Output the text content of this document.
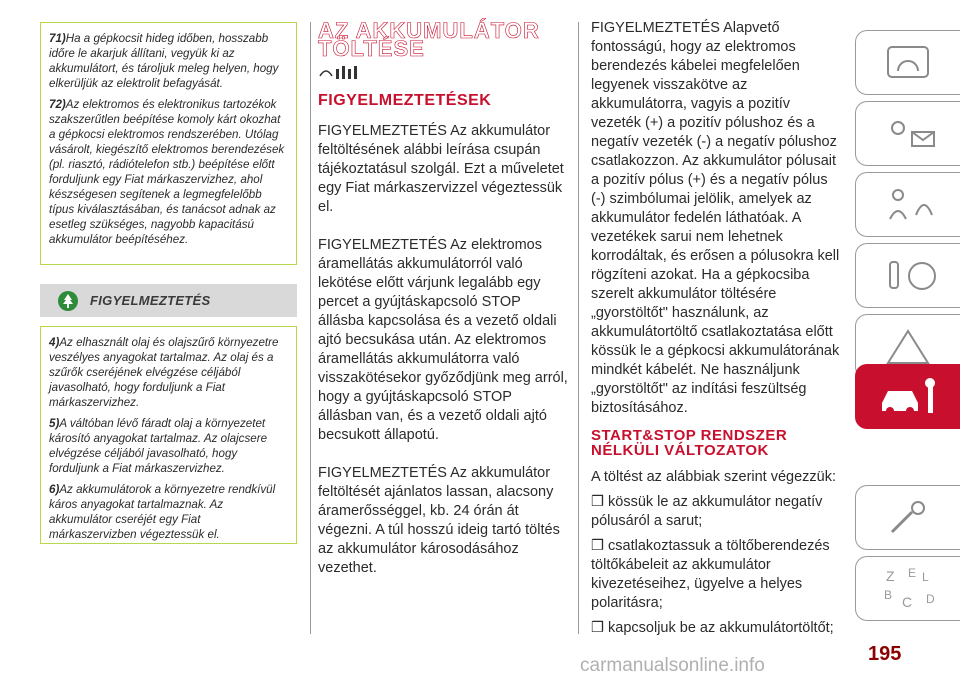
71)Ha a gépkocsit hideg időben, hosszabb időre le akarjuk állítani, vegyük ki az akkumulátort, és tároljuk meleg helyen, hogy elkerüljük az elektrolit befagyását.

72)Az elektromos és elektronikus tartozékok szakszerűtlen beépítése komoly kárt okozhat a gépkocsi elektromos rendszerében. Utólag vásárolt, kiegészítő elektromos berendezések (pl. riasztó, rádiótelefon stb.) beépítése előtt forduljunk egy Fiat márkaszervizhez, ahol készségesen segítenek a legmegfelelőbb típus kiválasztásában, és tanácsot adnak az esetleg szükséges, nagyobb kapacitású akkumulátor beépítéséhez.

FIGYELMEZTETÉS

4)Az elhasznált olaj és olajszűrő környezetre veszélyes anyagokat tartalmaz. Az olaj és a szűrők cseréjének elvégzése céljából javasolható, hogy forduljunk a Fiat márkaszervizhez.

5)A váltóban lévő fáradt olaj a környezetet károsító anyagokat tartalmaz. Az olajcsere elvégzése céljából javasolható, hogy forduljunk a Fiat márkaszervizhez.

6)Az akkumulátorok a környezetre rendkívül káros anyagokat tartalmaznak. Az akkumulátor cseréjét egy Fiat márkaszervizben végeztessük el.

AZ AKKUMULÁTOR
TÖLTÉSE
FIGYELMEZTETÉSEK

FIGYELMEZTETÉS Az akkumulátor feltöltésének alábbi leírása csupán tájékoztatásul szolgál. Ezt a műveletet egy Fiat márkaszervizzel végeztessük el.

FIGYELMEZTETÉS Az elektromos áramellátás akkumulátorról való lekötése előtt várjunk legalább egy percet a gyújtáskapcsoló STOP állásba kapcsolása és a vezető oldali ajtó becsukása után. Az elektromos áramellátás akkumulátorra való visszakötésekor győződjünk meg arról, hogy a gyújtáskapcsoló STOP állásban van, és a vezető oldali ajtó becsukott állapotú.

FIGYELMEZTETÉS Az akkumulátor feltöltését ajánlatos lassan, alacsony áramerősséggel, kb. 24 órán át végezni. A túl hosszú ideig tartó töltés az akkumulátor károsodásához vezethet.

FIGYELMEZTETÉS Alapvető fontosságú, hogy az elektromos berendezés kábelei megfelelően legyenek visszakötve az akkumulátorra, vagyis a pozitív vezeték (+) a pozitív pólushoz és a negatív vezeték (-) a negatív pólushoz csatlakozzon. Az akkumulátor pólusait a pozitív pólus (+) és a negatív pólus (-) szimbólumai jelölik, amelyek az akkumulátor fedelén láthatóak. A vezetékek sarui nem lehetnek korrodáltak, és erősen a pólusokra kell rögzíteni azokat. Ha a gépkocsiba szerelt akkumulátor töltésére „gyorstöltőt" használunk, az akkumulátortöltő csatlakoztatása előtt kössük le a gépkocsi akkumulátorának mindkét kábelét. Ne használjunk „gyorstöltőt" az indítási feszültség biztosításához.

START&STOP RENDSZER
NÉLKÜLI VÁLTOZATOK

A töltést az alábbiak szerint végezzük:

❒ kössük le az akkumulátor negatív pólusáról a sarut;

❒ csatlakoztassuk a töltőberendezés töltőkábeleit az akkumulátor kivezetéseihez, ügyelve a helyes polaritásra;

❒ kapcsoljuk be az akkumulátortöltőt;

Z E L
B C D
195
carmanualsonline.info
